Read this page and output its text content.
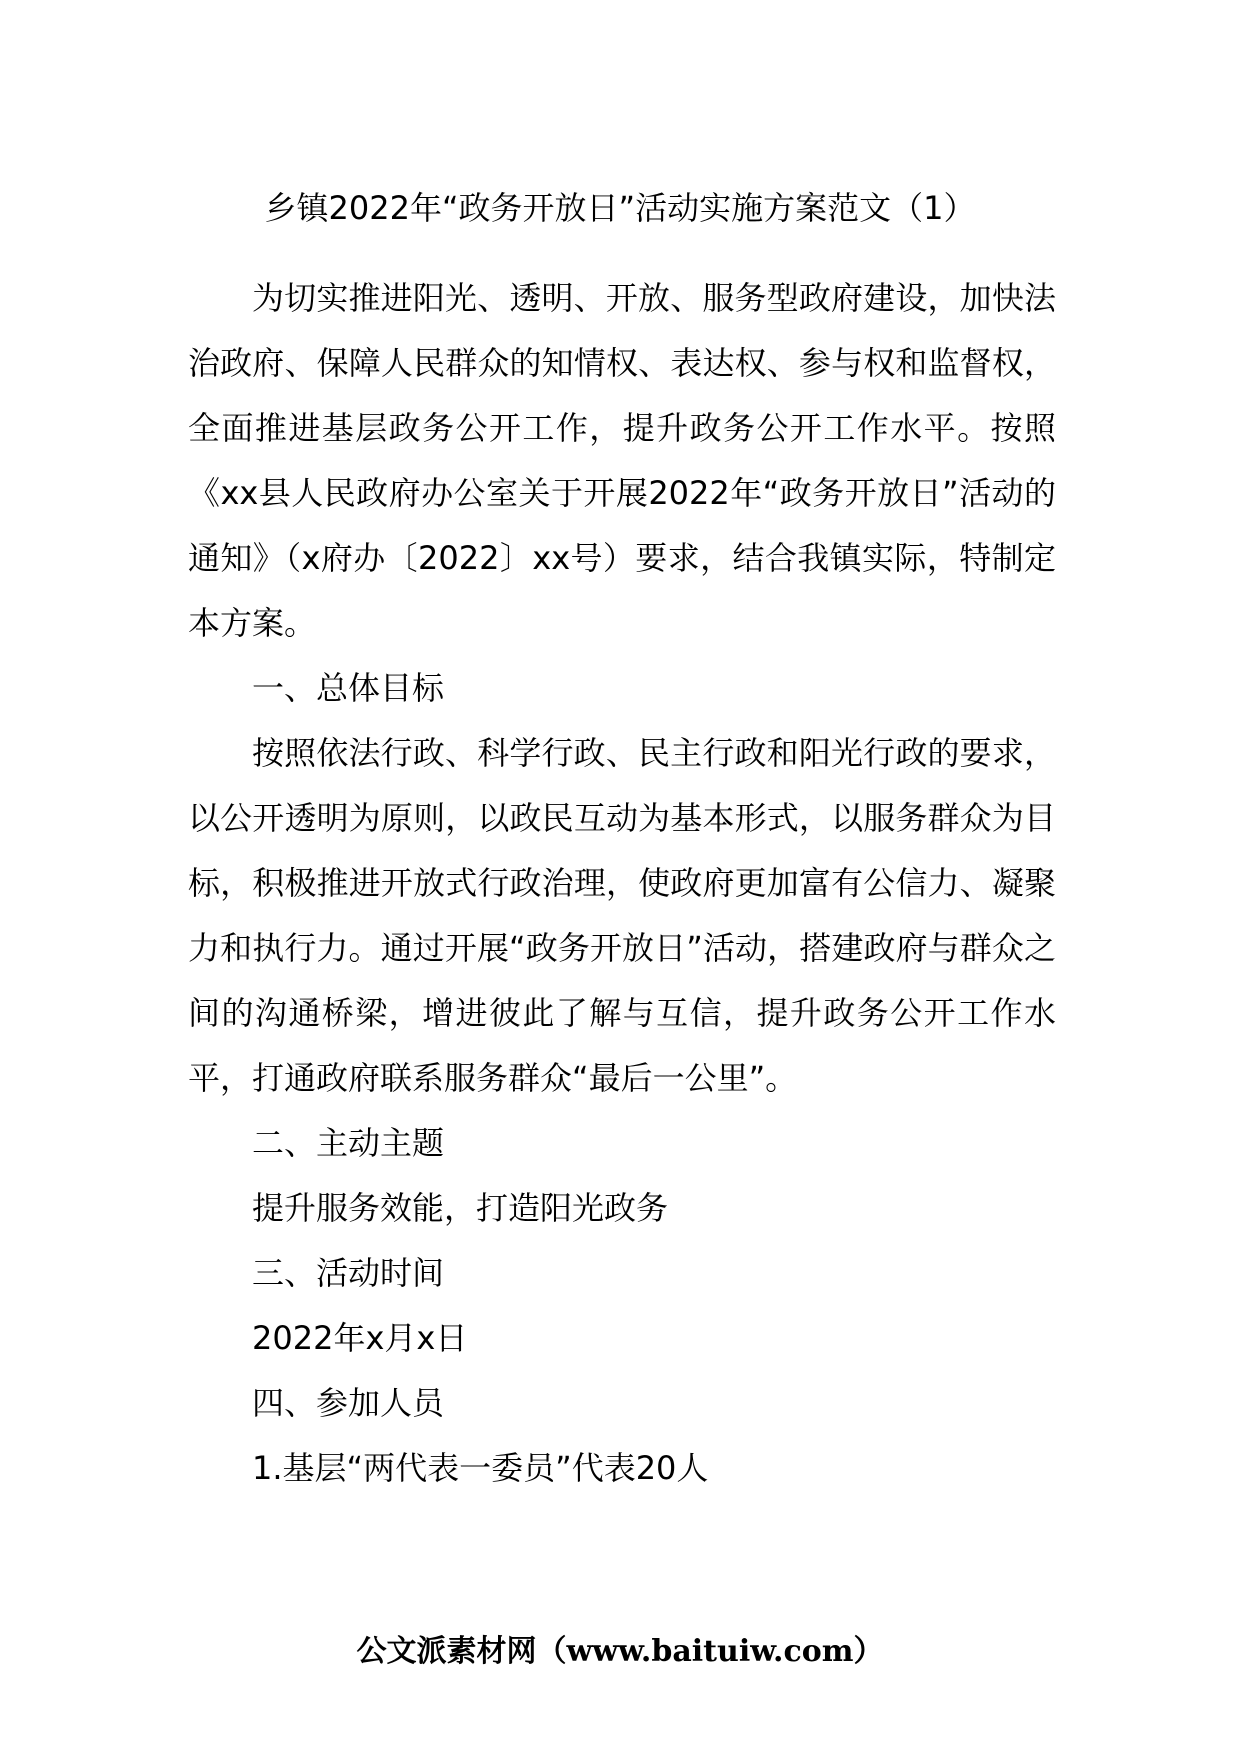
乡镇2022年“政务开放日”活动实施方案范文（1）

为切实推进阳光、透明、开放、服务型政府建设，加快法治政府、保障人民群众的知情权、表达权、参与权和监督权，全面推进基层政务公开工作，提升政务公开工作水平。按照《xx县人民政府办公室关于开展2022年“政务开放日”活动的通知》（x府办〔2022〕xx号）要求，结合我镇实际，特制定本方案。

一、总体目标

按照依法行政、科学行政、民主行政和阳光行政的要求，以公开透明为原则，以政民互动为基本形式，以服务群众为目标，积极推进开放式行政治理，使政府更加富有公信力、凝聚力和执行力。通过开展“政务开放日”活动，搭建政府与群众之间的沟通桥梁，增进彼此了解与互信，提升政务公开工作水平，打通政府联系服务群众“最后一公里”。

二、主动主题

提升服务效能，打造阳光政务

三、活动时间

2022年x月x日

四、参加人员

1.基层“两代表一委员”代表20人

公文派素材网（www.baituiw.com）
